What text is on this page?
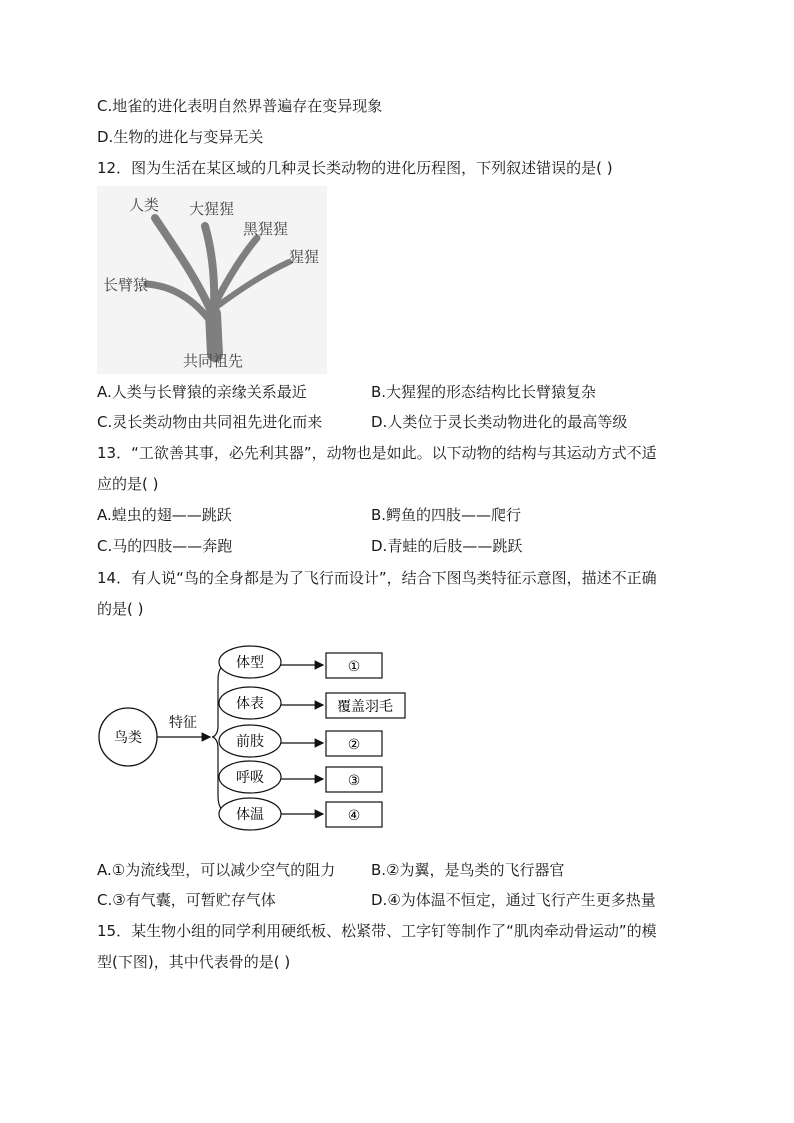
C.地雀的进化表明自然界普遍存在变异现象
D.生物的进化与变异无关
12．图为生活在某区域的几种灵长类动物的进化历程图，下列叙述错误的是( )
人类 大猩猩
黑猩猩
猩猩
长臂猿
共同祖先
A.人类与长臂猿的亲缘关系最近	B.大猩猩的形态结构比长臂猿复杂
C.灵长类动物由共同祖先进化而来	D.人类位于灵长类动物进化的最高等级
13．“工欲善其事，必先利其器”，动物也是如此。以下动物的结构与其运动方式不适
应的是( )
A.蝗虫的翅——跳跃	B.鳄鱼的四肢——爬行
C.马的四肢——奔跑	D.青蛙的后肢——跳跃
14．有人说“鸟的全身都是为了飞行而设计”，结合下图鸟类特征示意图，描述不正确
的是( )
鸟类
特征
体型
体表
前肢
呼吸
体温
①
覆盖羽毛
②
③
④
A.①为流线型，可以减少空气的阻力 B.②为翼，是鸟类的飞行器官
C.③有气囊，可暂贮存气体	D.④为体温不恒定，通过飞行产生更多热量
15．某生物小组的同学利用硬纸板、松紧带、工字钉等制作了“肌肉牵动骨运动”的模
型(下图)，其中代表骨的是( )
